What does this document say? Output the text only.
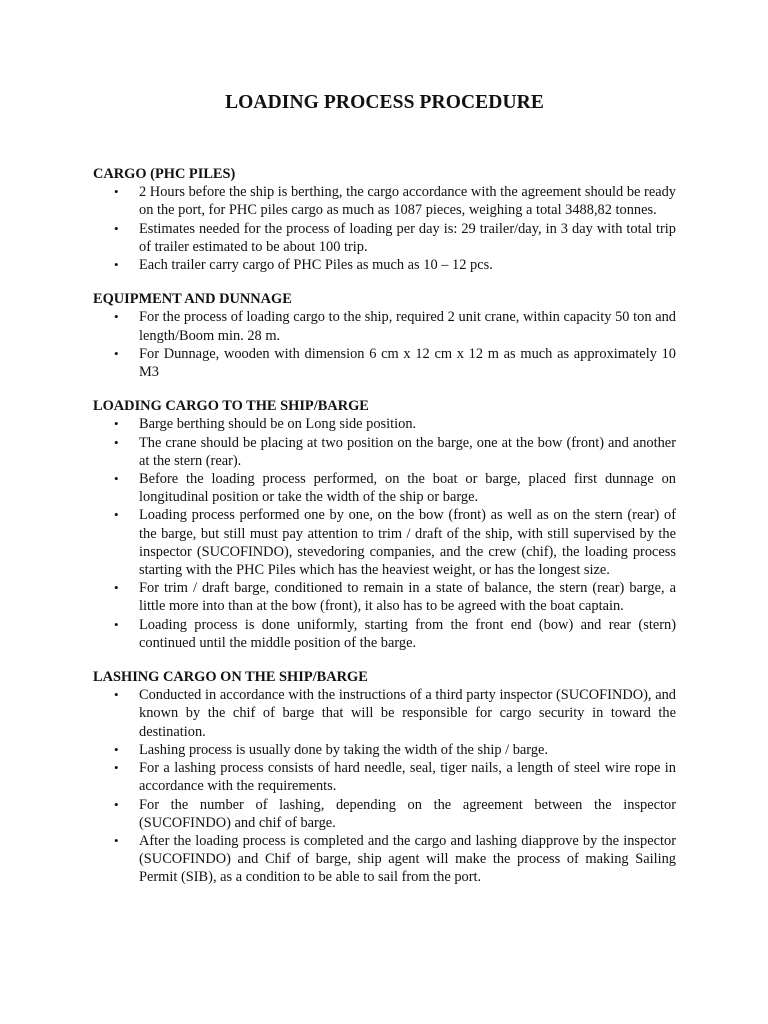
LOADING PROCESS PROCEDURE

CARGO (PHC PILES)

• 2 Hours before the ship is berthing, the cargo accordance with the agreement should be ready on the port, for PHC piles cargo as much as 1087 pieces, weighing a total 3488,82 tonnes.
• Estimates needed for the process of loading per day is: 29 trailer/day, in 3 day with total trip of trailer estimated to be about 100 trip.
• Each trailer carry cargo of PHC Piles as much as 10 – 12 pcs.

EQUIPMENT AND DUNNAGE

• For the process of loading cargo to the ship, required 2 unit crane, within capacity 50 ton and length/Boom min. 28 m.
• For Dunnage, wooden with dimension 6 cm x 12 cm x 12 m as much as approximately 10 M3

LOADING CARGO TO THE SHIP/BARGE

• Barge berthing should be on Long side position.
• The crane should be placing at two position on the barge, one at the bow (front) and another at the stern (rear).
• Before the loading process performed, on the boat or barge, placed first dunnage on longitudinal position or take the width of the ship or barge.
• Loading process performed one by one, on the bow (front) as well as on the stern (rear) of the barge, but still must pay attention to trim / draft of the ship, with still supervised by the inspector (SUCOFINDO), stevedoring companies, and the crew (chif), the loading process starting with the PHC Piles which has the heaviest weight, or has the longest size.
• For trim / draft barge, conditioned to remain in a state of balance, the stern (rear) barge, a little more into than at the bow (front), it also has to be agreed with the boat captain.
• Loading process is done uniformly, starting from the front end (bow) and rear (stern) continued until the middle position of the barge.

LASHING CARGO ON THE SHIP/BARGE

• Conducted in accordance with the instructions of a third party inspector (SUCOFINDO), and known by the chif of barge that will be responsible for cargo security in toward the destination.
• Lashing process is usually done by taking the width of the ship / barge.
• For a lashing process consists of hard needle, seal, tiger nails, a length of steel wire rope in accordance with the requirements.
• For the number of lashing, depending on the agreement between the inspector (SUCOFINDO) and chif of barge.
• After the loading process is completed and the cargo and lashing diapprove by the inspector (SUCOFINDO) and Chif of barge, ship agent will make the process of making Sailing Permit (SIB), as a condition to be able to sail from the port.
